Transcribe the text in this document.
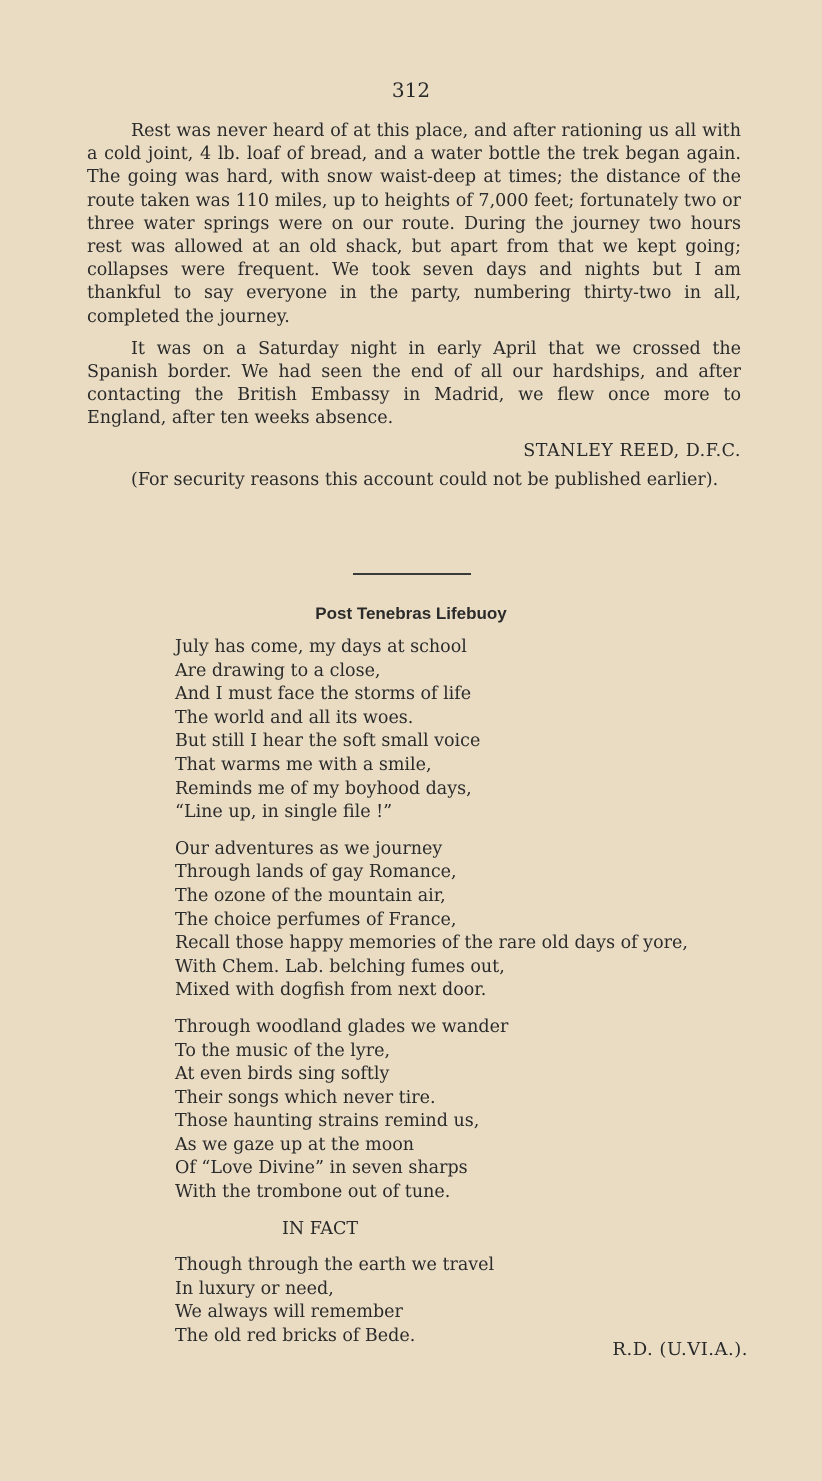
312

Rest was never heard of at this place, and after rationing us all with a cold joint, 4 lb. loaf of bread, and a water bottle the trek began again. The going was hard, with snow waist-deep at times; the distance of the route taken was 110 miles, up to heights of 7,000 feet; fortunately two or three water springs were on our route. During the journey two hours rest was allowed at an old shack, but apart from that we kept going; collapses were frequent. We took seven days and nights but I am thankful to say everyone in the party, numbering thirty-two in all, completed the journey.

It was on a Saturday night in early April that we crossed the Spanish border. We had seen the end of all our hardships, and after contacting the British Embassy in Madrid, we flew once more to England, after ten weeks absence.

STANLEY REED, D.F.C.

(For security reasons this account could not be published earlier).

Post Tenebras Lifebuoy
July has come, my days at school
Are drawing to a close,
And I must face the storms of life
The world and all its woes.
But still I hear the soft small voice
That warms me with a smile,
Reminds me of my boyhood days,
“Line up, in single file !”
Our adventures as we journey
Through lands of gay Romance,
The ozone of the mountain air,
The choice perfumes of France,
Recall those happy memories of the rare old days of yore,
With Chem. Lab. belching fumes out,
Mixed with dogfish from next door.
Through woodland glades we wander
To the music of the lyre,
At even birds sing softly
Their songs which never tire.
Those haunting strains remind us,
As we gaze up at the moon
Of “Love Divine” in seven sharps
With the trombone out of tune.
IN FACT
Though through the earth we travel
In luxury or need,
We always will remember
The old red bricks of Bede.
R.D. (U.VI.A.).
